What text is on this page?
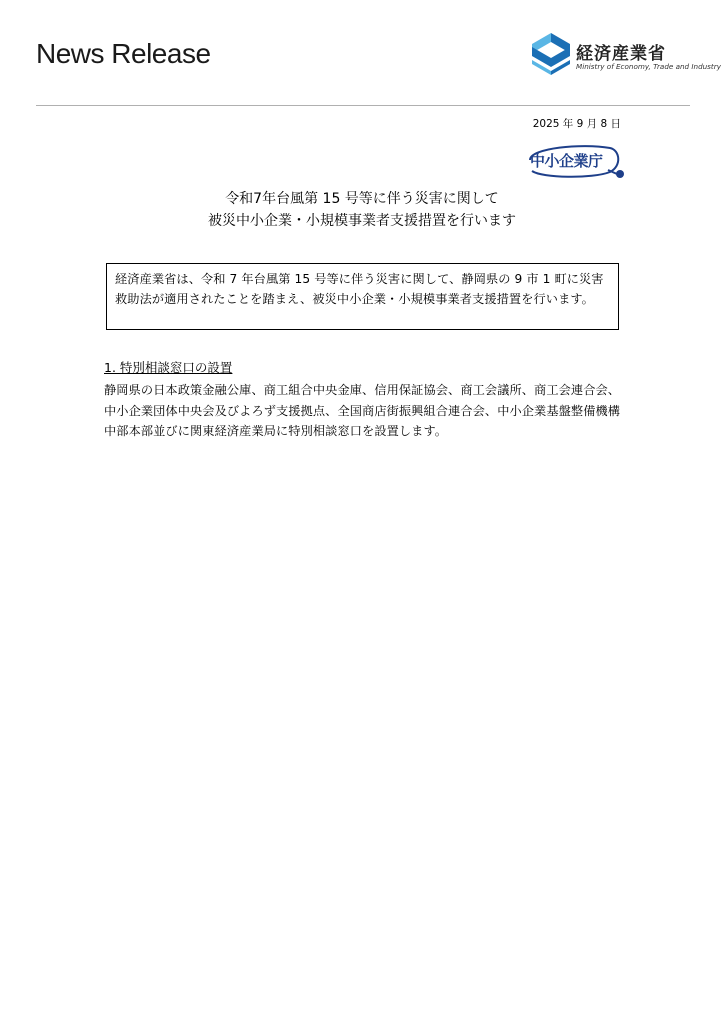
News Release	経済産業省
Ministry of Economy, Trade and Industry
2025 年 9 月 8 日
中小企業庁
令和7年台風第 15 号等に伴う災害に関して
被災中小企業・小規模事業者支援措置を行います

経済産業省は、令和 7 年台風第 15 号等に伴う災害に関して、静岡県の 9 市 1 町に災害救助法が適用されたことを踏まえ、被災中小企業・小規模事業者支援措置を行います。

1. 特別相談窓口の設置

静岡県の日本政策金融公庫、商工組合中央金庫、信用保証協会、商工会議所、商工会連合会、中小企業団体中央会及びよろず支援拠点、全国商店街振興組合連合会、中小企業基盤整備機構中部本部並びに関東経済産業局に特別相談窓口を設置します。
